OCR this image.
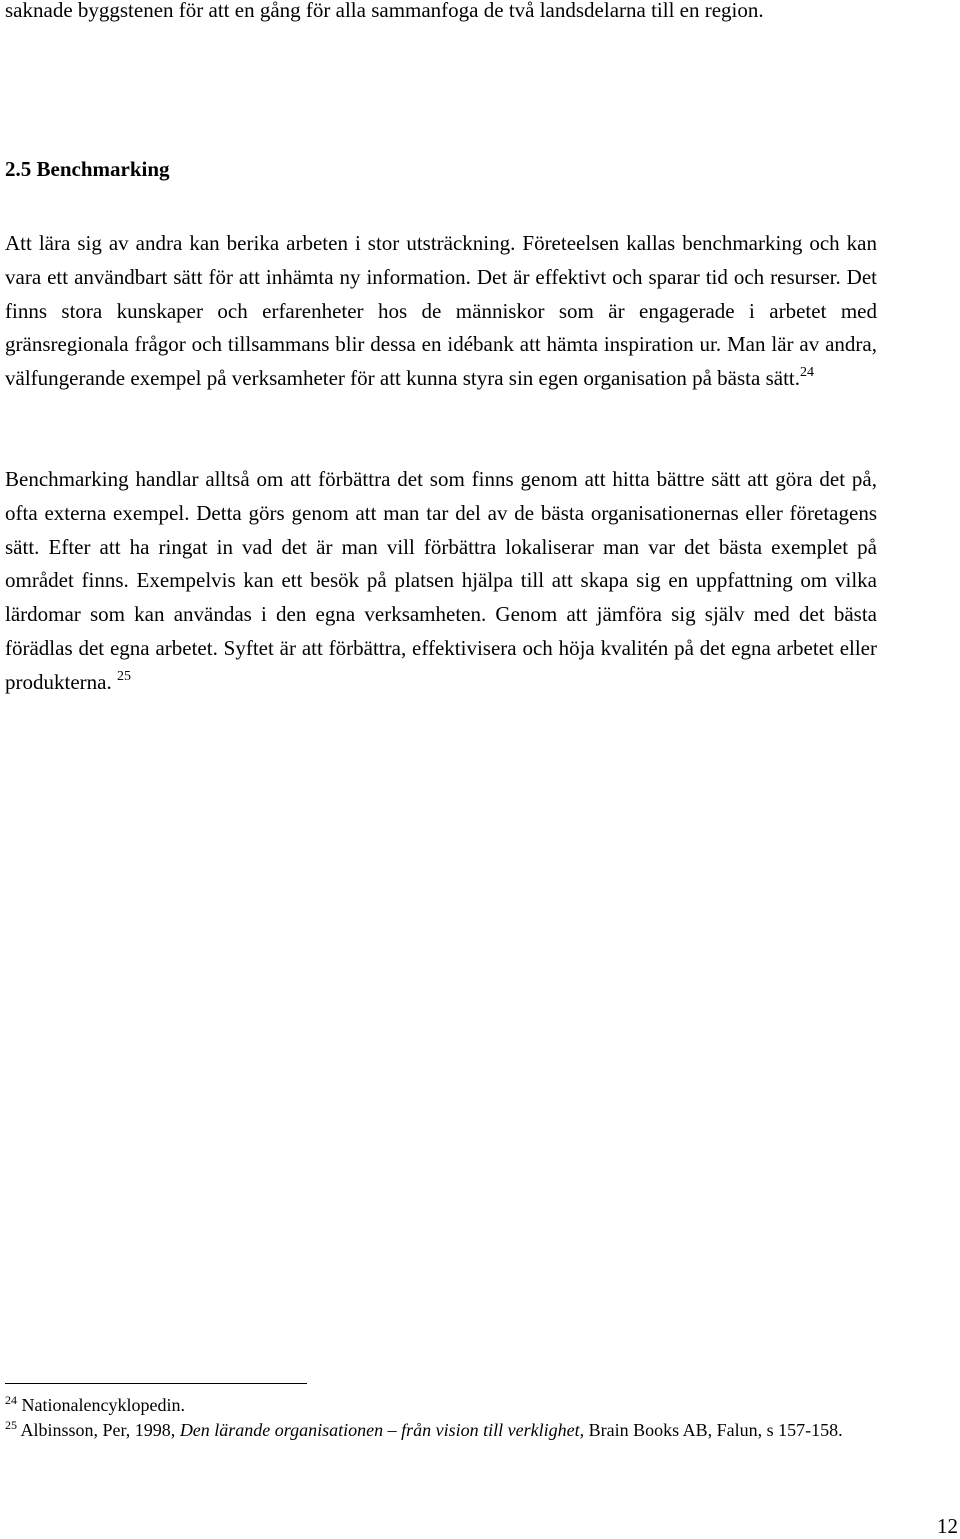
saknade byggstenen för att en gång för alla sammanfoga de två landsdelarna till en region.

2.5 Benchmarking

Att lära sig av andra kan berika arbeten i stor utsträckning. Företeelsen kallas benchmarking och kan vara ett användbart sätt för att inhämta ny information. Det är effektivt och sparar tid och resurser. Det finns stora kunskaper och erfarenheter hos de människor som är engagerade i arbetet med gränsregionala frågor och tillsammans blir dessa en idébank att hämta inspiration ur. Man lär av andra, välfungerande exempel på verksamheter för att kunna styra sin egen organisation på bästa sätt.$^{24}$

Benchmarking handlar alltså om att förbättra det som finns genom att hitta bättre sätt att göra det på, ofta externa exempel. Detta görs genom att man tar del av de bästa organisationernas eller företagens sätt. Efter att ha ringat in vad det är man vill förbättra lokaliserar man var det bästa exemplet på området finns. Exempelvis kan ett besök på platsen hjälpa till att skapa sig en uppfattning om vilka lärdomar som kan användas i den egna verksamheten. Genom att jämföra sig själv med det bästa förädlas det egna arbetet. Syftet är att förbättra, effektivisera och höja kvalitén på det egna arbetet eller produkterna. $^{25}$

$^{24}$ Nationalencyklopedin.

$^{25}$ Albinsson, Per, 1998, Den lärande organisationen – från vision till verklighet, Brain Books AB, Falun, s 157-158.

12
